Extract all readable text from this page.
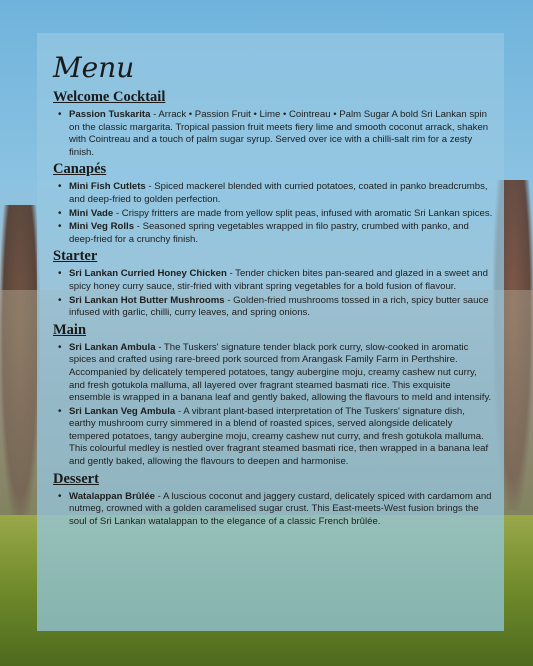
Menu
Welcome Cocktail
• Passion Tuskarita - Arrack • Passion Fruit • Lime • Cointreau • Palm Sugar A bold Sri Lankan spin on the classic margarita. Tropical passion fruit meets fiery lime and smooth coconut arrack, shaken with Cointreau and a touch of palm sugar syrup. Served over ice with a chilli-salt rim for a zesty finish.
Canapés
• Mini Fish Cutlets - Spiced mackerel blended with curried potatoes, coated in panko breadcrumbs, and deep-fried to golden perfection.
• Mini Vade - Crispy fritters are made from yellow split peas, infused with aromatic Sri Lankan spices.
• Mini Veg Rolls - Seasoned spring vegetables wrapped in filo pastry, crumbed with panko, and deep-fried for a crunchy finish.
Starter
• Sri Lankan Curried Honey Chicken - Tender chicken bites pan-seared and glazed in a sweet and spicy honey curry sauce, stir-fried with vibrant spring vegetables for a bold fusion of flavour.
• Sri Lankan Hot Butter Mushrooms - Golden-fried mushrooms tossed in a rich, spicy butter sauce infused with garlic, chilli, curry leaves, and spring onions.
Main
• Sri Lankan Ambula - The Tuskers' signature tender black pork curry, slow-cooked in aromatic spices and crafted using rare-breed pork sourced from Arangask Family Farm in Perthshire. Accompanied by delicately tempered potatoes, tangy aubergine moju, creamy cashew nut curry, and fresh gotukola malluma, all layered over fragrant steamed basmati rice. This exquisite ensemble is wrapped in a banana leaf and gently baked, allowing the flavours to meld and intensify.
• Sri Lankan Veg Ambula - A vibrant plant-based interpretation of The Tuskers' signature dish, earthy mushroom curry simmered in a blend of roasted spices, served alongside delicately tempered potatoes, tangy aubergine moju, creamy cashew nut curry, and fresh gotukola malluma. This colourful medley is nestled over fragrant steamed basmati rice, then wrapped in a banana leaf and gently baked, allowing the flavours to deepen and harmonise.
Dessert
• Watalappan Brûlée - A luscious coconut and jaggery custard, delicately spiced with cardamom and nutmeg, crowned with a golden caramelised sugar crust. This East-meets-West fusion brings the soul of Sri Lankan watalappan to the elegance of a classic French brûlée.
